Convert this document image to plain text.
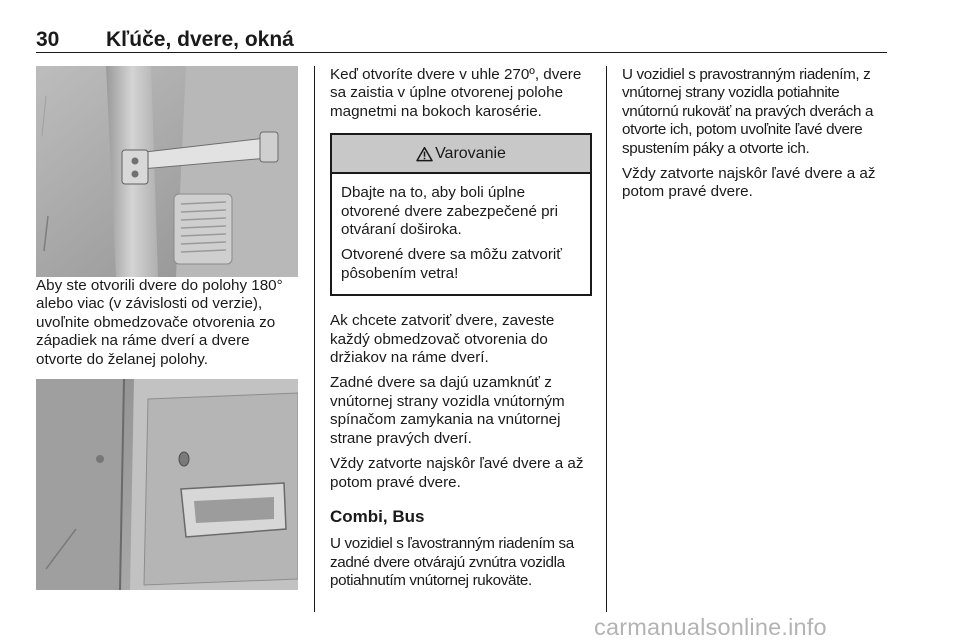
30 Kľúče, dvere, okná

Aby ste otvorili dvere do polohy 180° alebo viac (v závislosti od verzie), uvoľnite obmedzovače otvorenia zo západiek na ráme dverí a dvere otvorte do želanej polohy.

Keď otvoríte dvere v uhle 270º, dvere sa zaistia v úplne otvorenej polohe magnetmi na bokoch karosérie.

Varovanie

Dbajte na to, aby boli úplne otvorené dvere zabezpečené pri otváraní doširoka.

Otvorené dvere sa môžu zatvoriť pôsobením vetra!

Ak chcete zatvoriť dvere, zaveste každý obmedzovač otvorenia do držiakov na ráme dverí.

Zadné dvere sa dajú uzamknúť z vnútornej strany vozidla vnútorným spínačom zamykania na vnútornej strane pravých dverí.

Vždy zatvorte najskôr ľavé dvere a až potom pravé dvere.

Combi, Bus

U vozidiel s ľavostranným riadením sa zadné dvere otvárajú zvnútra vozidla potiahnutím vnútornej rukoväte.

U vozidiel s pravostranným riadením, z vnútornej strany vozidla potiahnite vnútornú rukoväť na pravých dverách a otvorte ich, potom uvoľnite ľavé dvere spustením páky a otvorte ich.

Vždy zatvorte najskôr ľavé dvere a až potom pravé dvere.

carmanualsonline.info
